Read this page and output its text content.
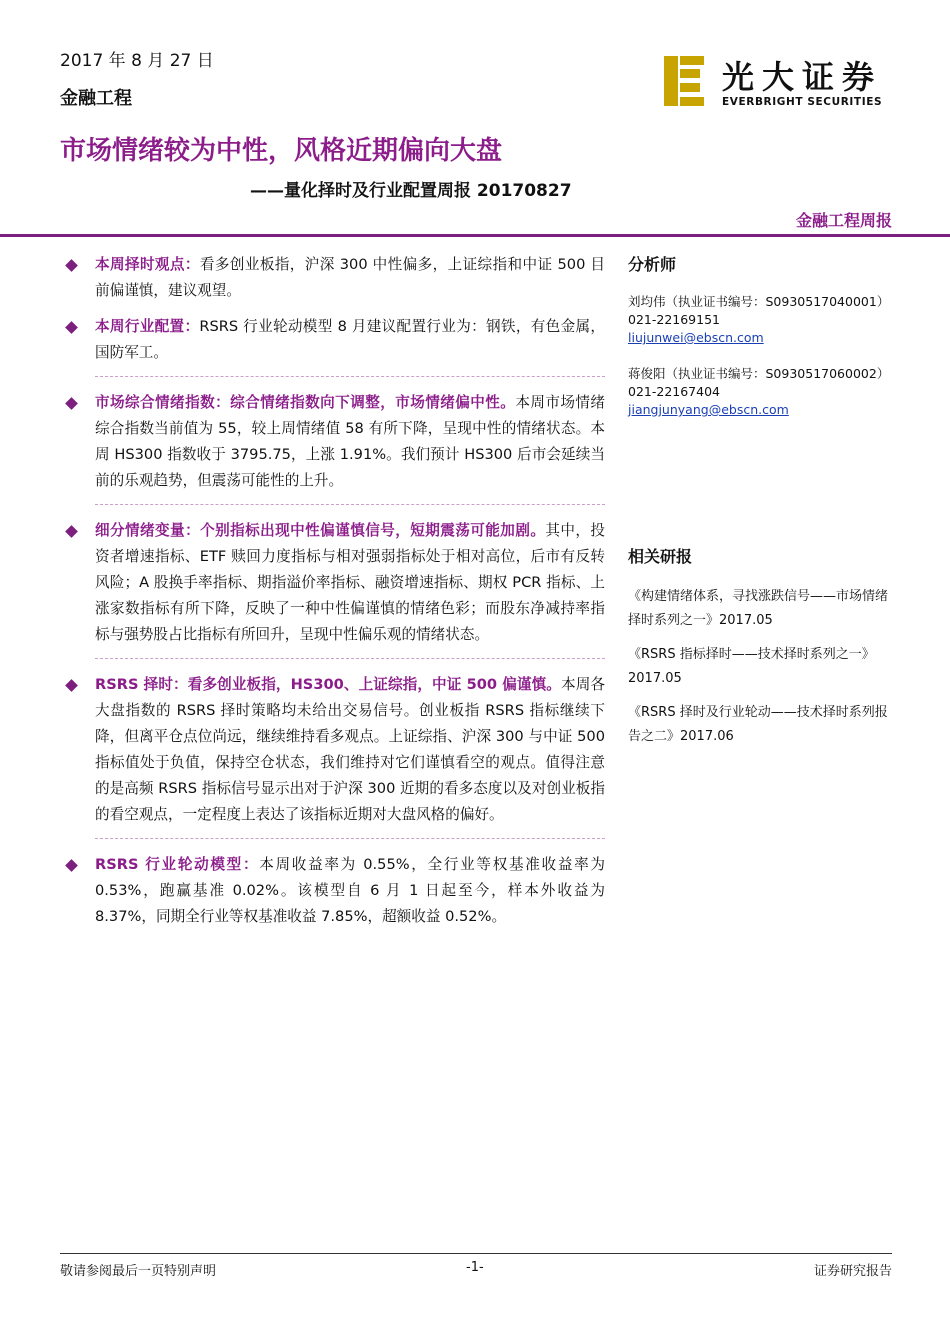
2017 年 8 月 27 日
金融工程
光大证券
EVERBRIGHT SECURITIES
市场情绪较为中性，风格近期偏向大盘
——量化择时及行业配置周报 20170827
金融工程周报
本周择时观点：看多创业板指，沪深 300 中性偏多，上证综指和中证 500 目前偏谨慎，建议观望。
本周行业配置：RSRS 行业轮动模型 8 月建议配置行业为：钢铁，有色金属，国防军工。
市场综合情绪指数：综合情绪指数向下调整，市场情绪偏中性。本周市场情绪综合指数当前值为 55，较上周情绪值 58 有所下降，呈现中性的情绪状态。本周 HS300 指数收于 3795.75，上涨 1.91%。我们预计 HS300 后市会延续当前的乐观趋势，但震荡可能性的上升。
细分情绪变量：个别指标出现中性偏谨慎信号，短期震荡可能加剧。其中，投资者增速指标、ETF 赎回力度指标与相对强弱指标处于相对高位，后市有反转风险；A 股换手率指标、期指溢价率指标、融资增速指标、期权 PCR 指标、上涨家数指标有所下降，反映了一种中性偏谨慎的情绪色彩；而股东净减持率指标与强势股占比指标有所回升，呈现中性偏乐观的情绪状态。
RSRS 择时：看多创业板指，HS300、上证综指，中证 500 偏谨慎。本周各大盘指数的 RSRS 择时策略均未给出交易信号。创业板指 RSRS 指标继续下降，但离平仓点位尚远，继续维持看多观点。上证综指、沪深 300 与中证 500 指标值处于负值，保持空仓状态，我们维持对它们谨慎看空的观点。值得注意的是高频 RSRS 指标信号显示出对于沪深 300 近期的看多态度以及对创业板指的看空观点，一定程度上表达了该指标近期对大盘风格的偏好。
RSRS 行业轮动模型：本周收益率为 0.55%，全行业等权基准收益率为 0.53%，跑赢基准 0.02%。该模型自 6 月 1 日起至今，样本外收益为 8.37%，同期全行业等权基准收益 7.85%，超额收益 0.52%。
分析师
刘均伟（执业证书编号：S0930517040001）
021-22169151
liujunwei@ebscn.com
蒋俊阳（执业证书编号：S0930517060002）
021-22167404
jiangjunyang@ebscn.com
相关研报
《构建情绪体系，寻找涨跌信号——市场情绪择时系列之一》2017.05
《RSRS 指标择时——技术择时系列之一》2017.05
《RSRS 择时及行业轮动——技术择时系列报告之二》2017.06
敬请参阅最后一页特别声明	-1-	证券研究报告
